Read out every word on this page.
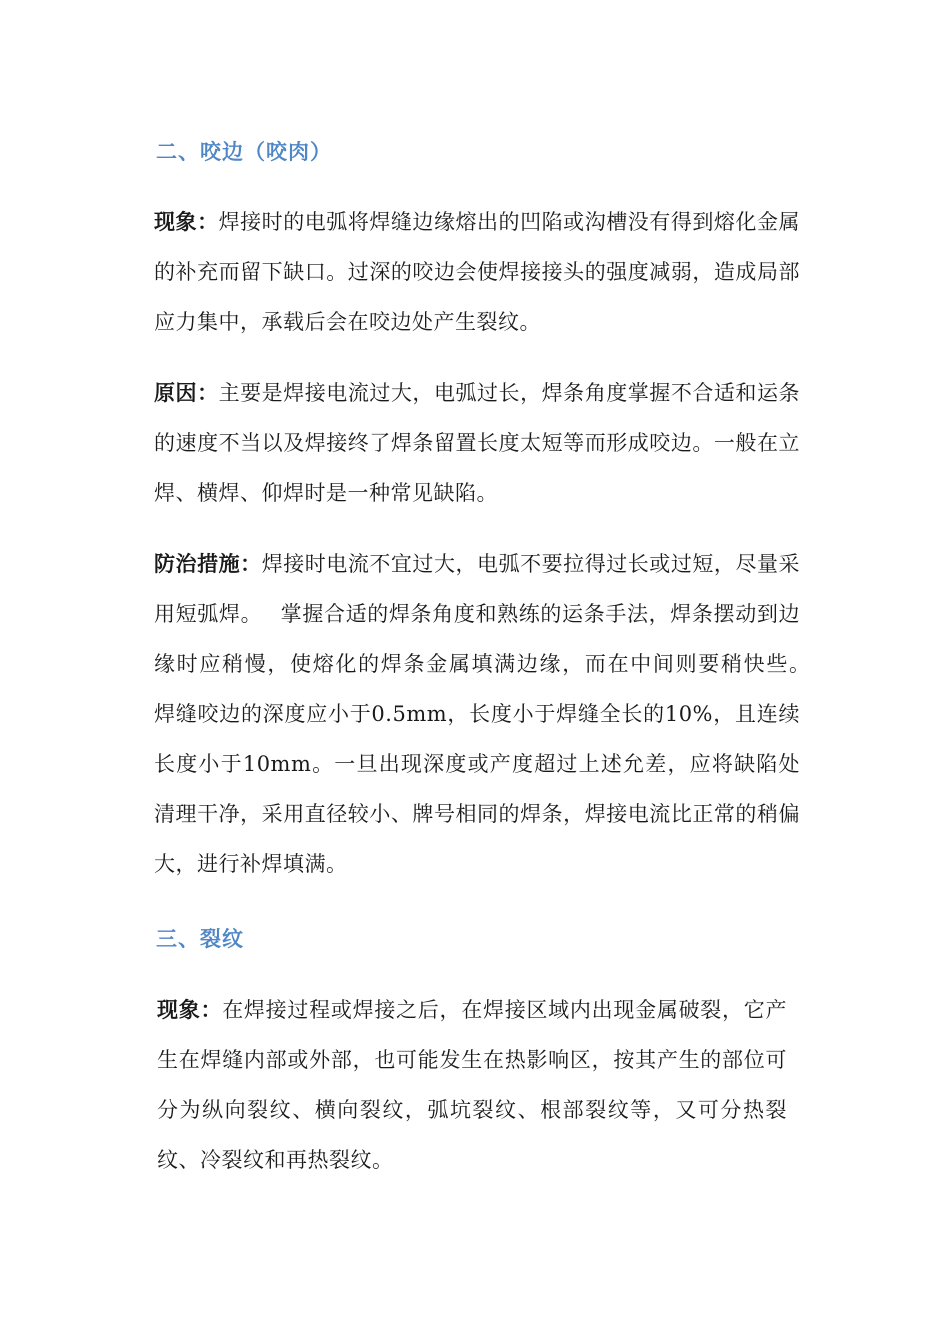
二、咬边（咬肉）
现象：焊接时的电弧将焊缝边缘熔出的凹陷或沟槽没有得到熔化金属的补充而留下缺口。过深的咬边会使焊接接头的强度减弱，造成局部应力集中，承载后会在咬边处产生裂纹。
原因：主要是焊接电流过大，电弧过长，焊条角度掌握不合适和运条的速度不当以及焊接终了焊条留置长度太短等而形成咬边。一般在立焊、横焊、仰焊时是一种常见缺陷。
防治措施：焊接时电流不宜过大，电弧不要拉得过长或过短，尽量采用短弧焊。　 掌握合适的焊条角度和熟练的运条手法，焊条摆动到边缘时应稍慢，使熔化的焊条金属填满边缘，而在中间则要稍快些。　 焊缝咬边的深度应小于0.5mm，长度小于焊缝全长的10%，且连续长度小于10mm。一旦出现深度或产度超过上述允差，应将缺陷处清理干净，采用直径较小、牌号相同的焊条，焊接电流比正常的稍偏大，进行补焊填满。
三、裂纹
现象：在焊接过程或焊接之后，在焊接区域内出现金属破裂，它产生在焊缝内部或外部，也可能发生在热影响区，按其产生的部位可分为纵向裂纹、横向裂纹，弧坑裂纹、根部裂纹等，又可分热裂纹、冷裂纹和再热裂纹。
